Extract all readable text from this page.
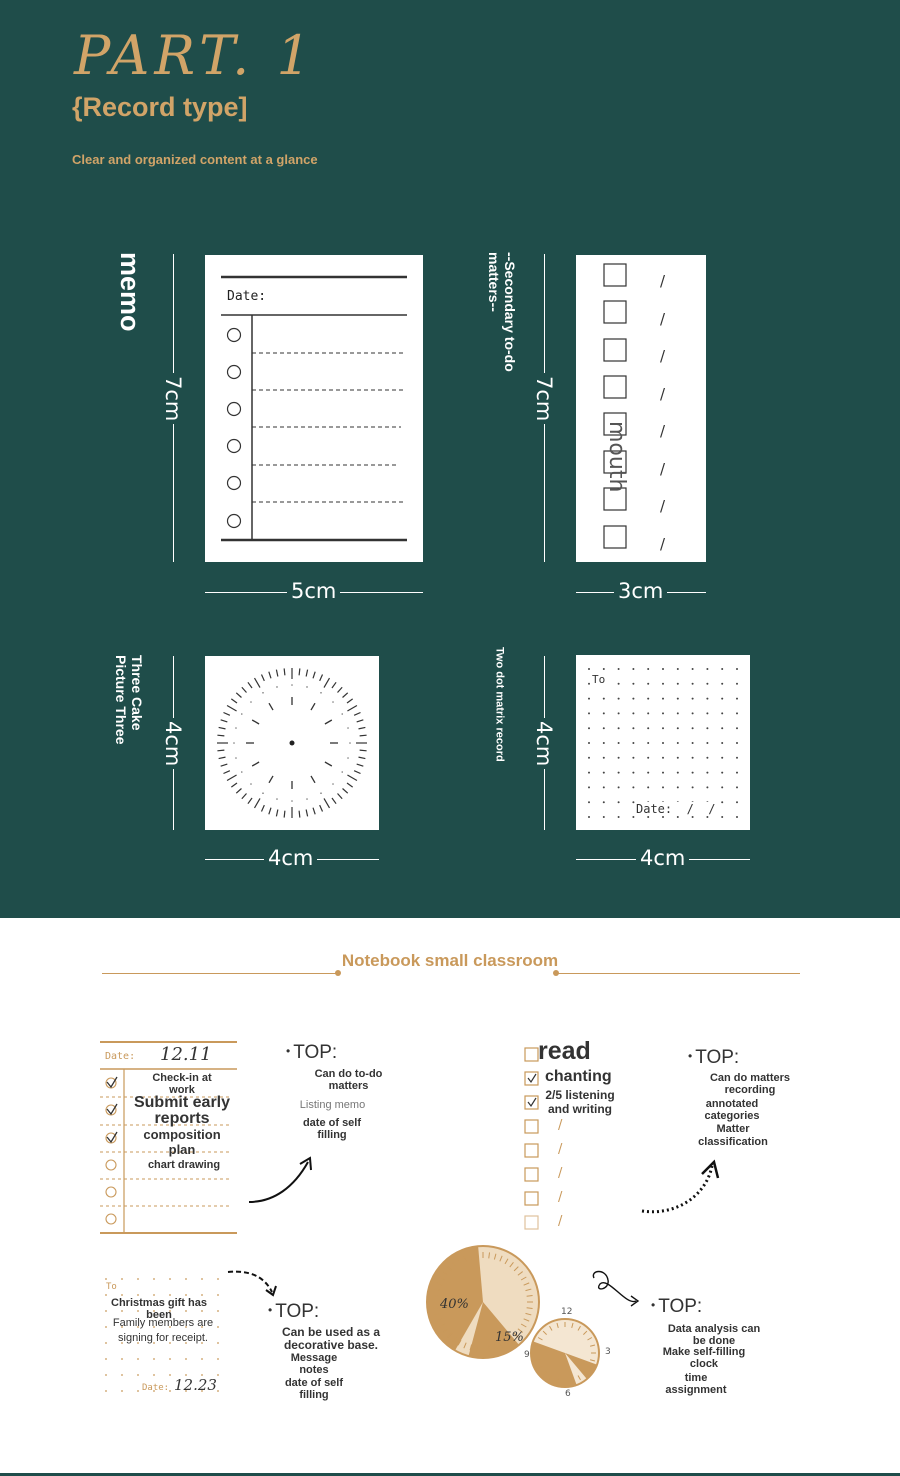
PART. 1
{Record type]
Clear and organized content at a glance
memo
7cm
5cm
Date:	--Secondary to-do
matters--
7cm
3cm
/
/
/
/
/
/
/
/
mouth
Three Cake
Picture Three	4cm
4cm
Two dot matrix record 4cm
4cm
To
Date:  /  /
Notebook small classroom
Date: 12.11
Check-in at work
Submit early reports
composition plan
chart drawing
• TOP:
Can do to-do matters
Listing memo
date of self filling
/
/
/
/
/
read
chanting
2/5 listening and writing
• TOP:
Can do matters recording
annotated categories
Matter classification
To
Christmas gift has been
Family members are signing for receipt.
Date: 12.23
• TOP:
Can be used as a decorative base.
Message notes
date of self filling
40%
15%
12
3
6
9
• TOP:
Data analysis can be done
Make self-filling clock
time assignment
